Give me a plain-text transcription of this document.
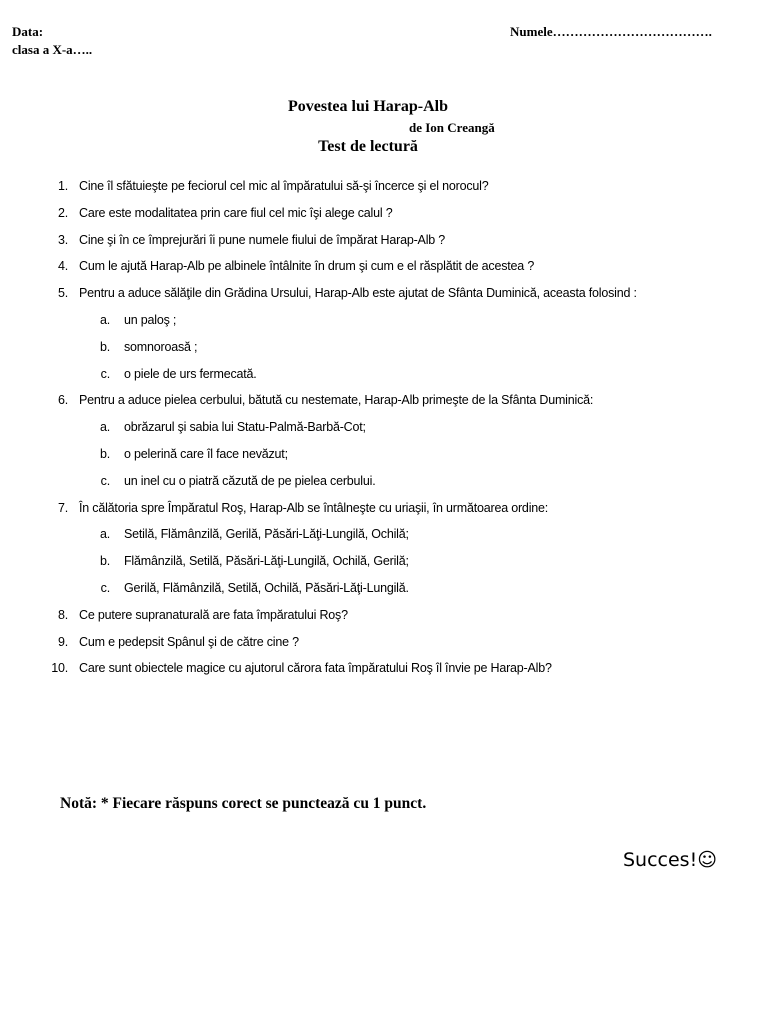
Data:
clasa a X-a…..
Numele……………………………….
Povestea lui Harap-Alb
de Ion Creangă
Test de lectură
1. Cine îl sfătuieşte pe feciorul cel mic al împăratului să-şi încerce şi el norocul?
2. Care este modalitatea prin care fiul cel mic îşi alege calul ?
3. Cine şi în ce împrejurări îi pune numele fiului de împărat Harap-Alb ?
4. Cum le ajută Harap-Alb pe albinele întâlnite în drum şi cum e el răsplătit de acestea ?
5. Pentru a aduce sălăţile din Grădina Ursului, Harap-Alb este ajutat de Sfânta Duminică, aceasta folosind :
a. un paloş ;
b. somnoroasă ;
c. o piele de urs fermecată.
6. Pentru a aduce pielea cerbului, bătută cu nestemate, Harap-Alb primeşte de la Sfânta Duminică:
a. obrăzarul şi sabia lui Statu-Palmă-Barbă-Cot;
b. o pelerină care îl face nevăzut;
c. un inel cu o piatră căzută de pe pielea cerbului.
7. În călătoria spre Împăratul Roş, Harap-Alb se întâlneşte cu uriaşii, în următoarea ordine:
a. Setilă, Flămânzilă, Gerilă, Păsări-Lăţi-Lungilă, Ochilă;
b. Flămânzilă, Setilă, Păsări-Lăţi-Lungilă, Ochilă, Gerilă;
c. Gerilă, Flămânzilă, Setilă, Ochilă, Păsări-Lăţi-Lungilă.
8. Ce putere supranaturală are fata împăratului Roş?
9. Cum e pedepsit Spânul şi de către cine ?
10. Care sunt obiectele magice cu ajutorul cărora fata împăratului Roş îl învie pe Harap-Alb?
Notă: * Fiecare răspuns corect se punctează cu 1 punct.
Succes!☺
